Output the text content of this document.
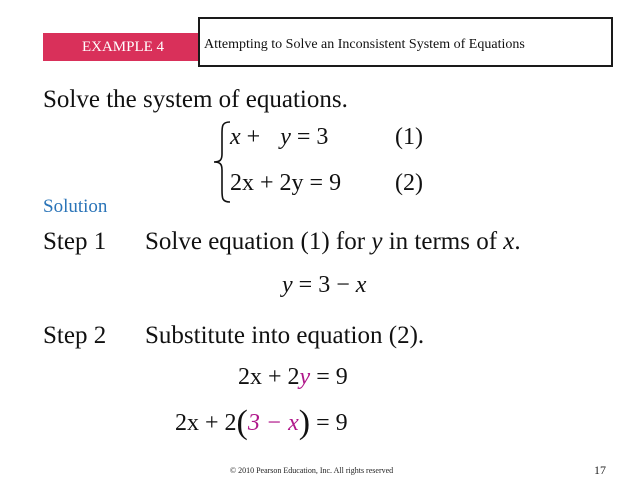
EXAMPLE 4	Attempting to Solve an Inconsistent System of Equations
Solve the system of equations.
x + y = 3	(1)
2x + 2y = 9 (2)
Solution
Step 1 Solve equation (1) for y in terms of x.
y = 3 − x
Step 2 Substitute into equation (2).
2x + 2y = 9
2x + 2(3 − x) = 9
© 2010 Pearson Education, Inc. All rights reserved	17
